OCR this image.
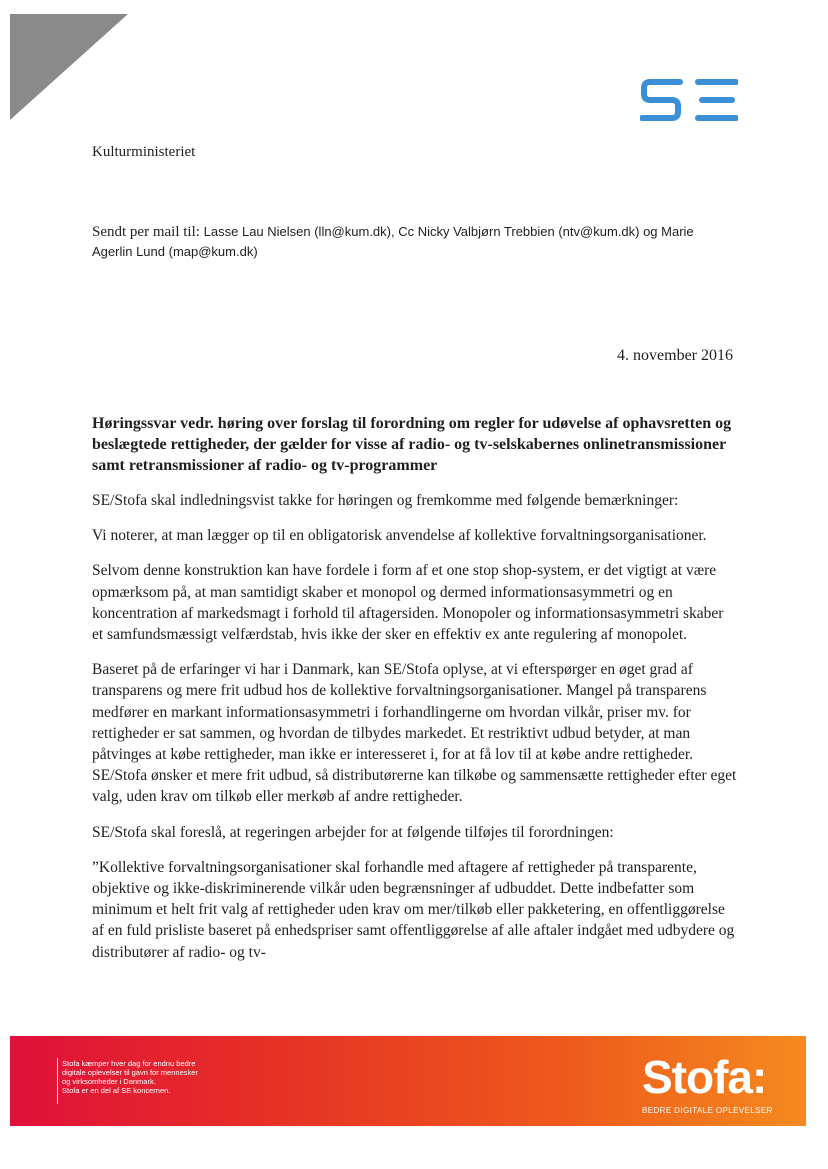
Kulturministeriet
Sendt per mail til: Lasse Lau Nielsen (lln@kum.dk), Cc Nicky Valbjørn Trebbien (ntv@kum.dk) og Marie Agerlin Lund (map@kum.dk)
4. november 2016
Høringssvar vedr. høring over forslag til forordning om regler for udøvelse af ophavsretten og beslægtede rettigheder, der gælder for visse af radio- og tv-selskabernes onlinetransmissioner samt retransmissioner af radio- og tv-programmer

SE/Stofa skal indledningsvist takke for høringen og fremkomme med følgende bemærkninger:

Vi noterer, at man lægger op til en obligatorisk anvendelse af kollektive forvaltningsorganisationer.

Selvom denne konstruktion kan have fordele i form af et one stop shop-system, er det vigtigt at være opmærksom på, at man samtidigt skaber et monopol og dermed informationsasymmetri og en koncentration af markedsmagt i forhold til aftagersiden. Monopoler og informationsasymmetri skaber et samfundsmæssigt velfærdstab, hvis ikke der sker en effektiv ex ante regulering af monopolet.

Baseret på de erfaringer vi har i Danmark, kan SE/Stofa oplyse, at vi efterspørger en øget grad af transparens og mere frit udbud hos de kollektive forvaltningsorganisationer. Mangel på transparens medfører en markant informationsasymmetri i forhandlingerne om hvordan vilkår, priser mv. for rettigheder er sat sammen, og hvordan de tilbydes markedet. Et restriktivt udbud betyder, at man påtvinges at købe rettigheder, man ikke er interesseret i, for at få lov til at købe andre rettigheder. SE/Stofa ønsker et mere frit udbud, så distributørerne kan tilkøbe og sammensætte rettigheder efter eget valg, uden krav om tilkøb eller merkøb af andre rettigheder.

SE/Stofa skal foreslå, at regeringen arbejder for at følgende tilføjes til forordningen:

”Kollektive forvaltningsorganisationer skal forhandle med aftagere af rettigheder på transparente, objektive og ikke-diskriminerende vilkår uden begrænsninger af udbuddet. Dette indbefatter som minimum et helt frit valg af rettigheder uden krav om mer/tilkøb eller pakketering, en offentliggørelse af en fuld prisliste baseret på enhedspriser samt offentliggørelse af alle aftaler indgået med udbydere og distributører af radio- og tv-

Stofa kæmper hver dag for endnu bedre
digitale oplevelser til gavn for mennesker
og virksomheder i Danmark.
Stofa er en del af SE koncernen.	Stofa:
BEDRE DIGITALE OPLEVELSER
